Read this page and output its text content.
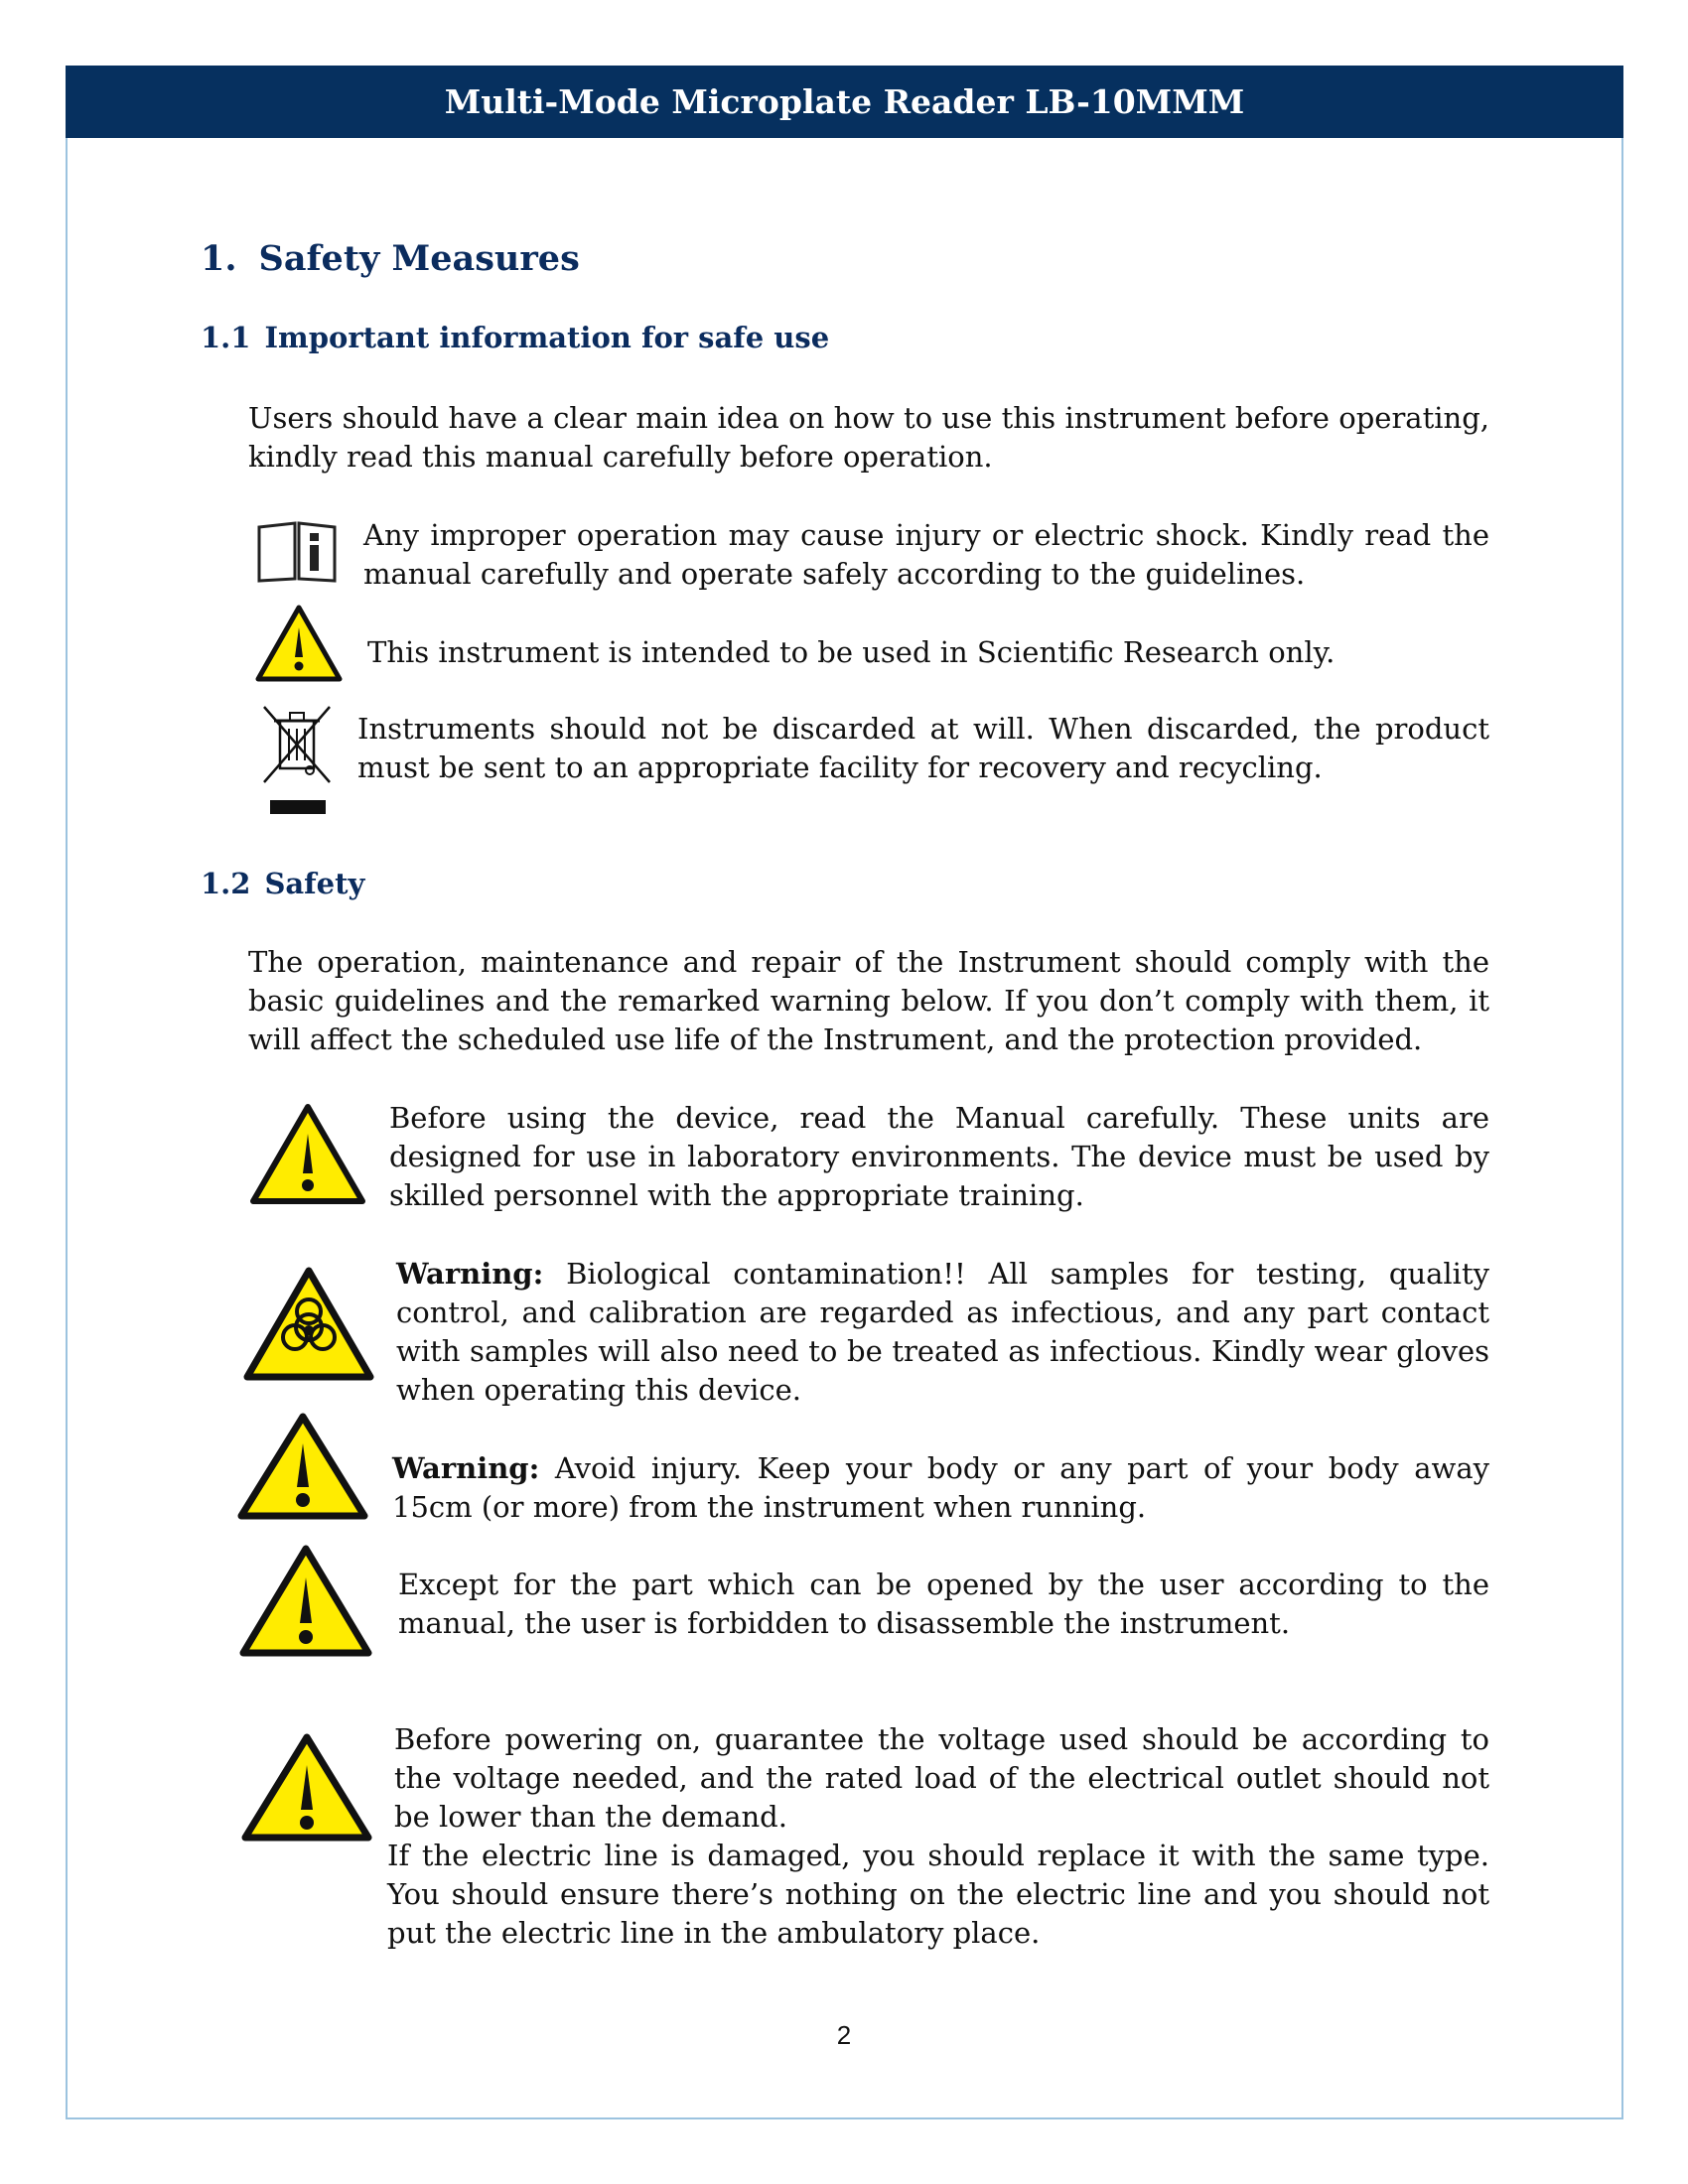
Multi-Mode Microplate Reader LB-10MMM
1. Safety Measures
1.1 Important information for safe use
Users should have a clear main idea on how to use this instrument before operating, kindly read this manual carefully before operation.
Any improper operation may cause injury or electric shock. Kindly read the manual carefully and operate safely according to the guidelines.
This instrument is intended to be used in Scientific Research only.
Instruments should not be discarded at will. When discarded, the product must be sent to an appropriate facility for recovery and recycling.
1.2 Safety
The operation, maintenance and repair of the Instrument should comply with the basic guidelines and the remarked warning below. If you don’t comply with them, it will affect the scheduled use life of the Instrument, and the protection provided.
Before using the device, read the Manual carefully. These units are designed for use in laboratory environments. The device must be used by skilled personnel with the appropriate training.
Warning: Biological contamination!! All samples for testing, quality control, and calibration are regarded as infectious, and any part contact with samples will also need to be treated as infectious. Kindly wear gloves when operating this device.
Warning: Avoid injury. Keep your body or any part of your body away 15cm (or more) from the instrument when running.
Except for the part which can be opened by the user according to the manual, the user is forbidden to disassemble the instrument.
Before powering on, guarantee the voltage used should be according to the voltage needed, and the rated load of the electrical outlet should not be lower than the demand.
If the electric line is damaged, you should replace it with the same type. You should ensure there’s nothing on the electric line and you should not put the electric line in the ambulatory place.
2
